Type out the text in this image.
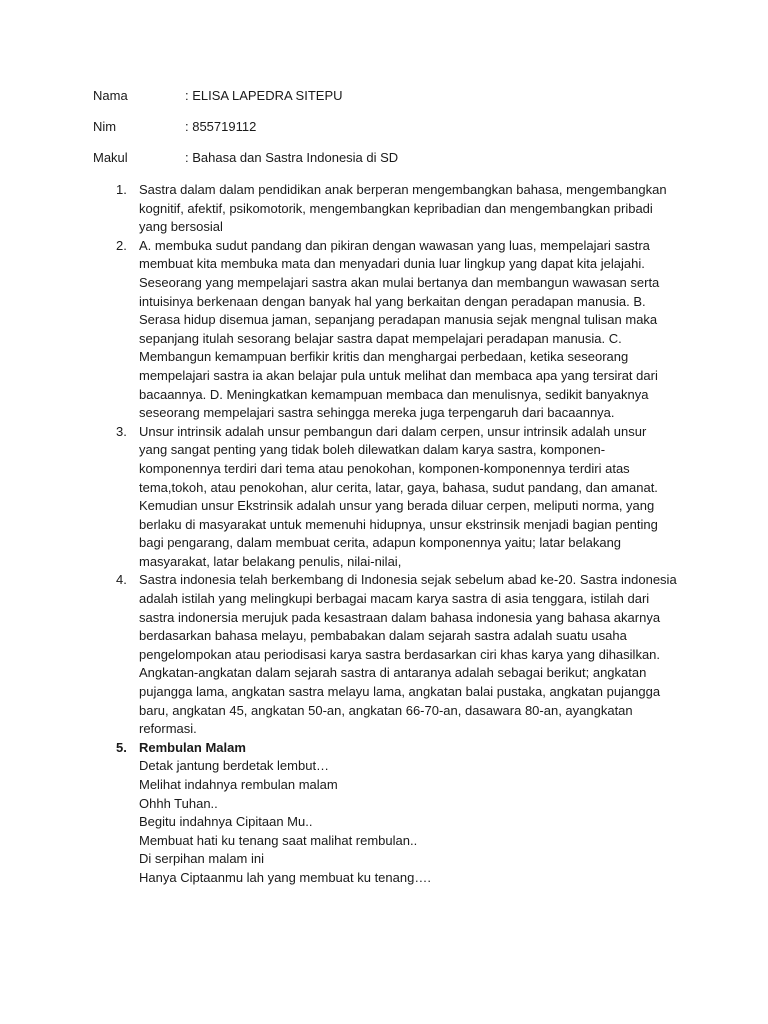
Nama	: ELISA LAPEDRA SITEPU
Nim	: 855719112
Makul	: Bahasa dan Sastra Indonesia di SD
1. Sastra dalam dalam pendidikan anak berperan mengembangkan bahasa, mengembangkan
kognitif, afektif, psikomotorik, mengembangkan kepribadian dan mengembangkan pribadi
yang bersosial
2. A. membuka sudut pandang dan pikiran dengan wawasan yang luas, mempelajari sastra
membuat kita membuka mata dan menyadari dunia luar lingkup yang dapat kita jelajahi.
Seseorang yang mempelajari sastra akan mulai bertanya dan membangun wawasan serta
intuisinya berkenaan dengan banyak hal yang berkaitan dengan peradapan manusia. B.
Serasa hidup disemua jaman, sepanjang peradapan manusia sejak mengnal tulisan maka
sepanjang itulah sesorang belajar sastra dapat mempelajari peradapan manusia. C.
Membangun kemampuan berfikir kritis dan menghargai perbedaan, ketika seseorang
mempelajari sastra ia akan belajar pula untuk melihat dan membaca apa yang tersirat dari
bacaannya. D. Meningkatkan kemampuan membaca dan menulisnya, sedikit banyaknya
seseorang mempelajari sastra sehingga mereka juga terpengaruh dari bacaannya.
3. Unsur intrinsik adalah unsur pembangun dari dalam cerpen, unsur intrinsik adalah unsur
yang sangat penting yang tidak boleh dilewatkan dalam karya sastra, komponen-
komponennya terdiri dari tema atau penokohan, komponen-komponennya terdiri atas
tema,tokoh, atau penokohan, alur cerita, latar, gaya, bahasa, sudut pandang, dan amanat.
Kemudian unsur Ekstrinsik adalah unsur yang berada diluar cerpen, meliputi norma, yang
berlaku di masyarakat untuk memenuhi hidupnya, unsur ekstrinsik menjadi bagian penting
bagi pengarang, dalam membuat cerita, adapun komponennya yaitu; latar belakang
masyarakat, latar belakang penulis, nilai-nilai,
4. Sastra indonesia telah berkembang di Indonesia sejak sebelum abad ke-20. Sastra indonesia
adalah istilah yang melingkupi berbagai macam karya sastra di asia tenggara, istilah dari
sastra indonersia merujuk pada kesastraan dalam bahasa indonesia yang bahasa akarnya
berdasarkan bahasa melayu, pembabakan dalam sejarah sastra adalah suatu usaha
pengelompokan atau periodisasi karya sastra berdasarkan ciri khas karya yang dihasilkan.
Angkatan-angkatan dalam sejarah sastra di antaranya adalah sebagai berikut; angkatan
pujangga lama, angkatan sastra melayu lama, angkatan balai pustaka, angkatan pujangga
baru, angkatan 45, angkatan 50-an, angkatan 66-70-an, dasawara 80-an, ayangkatan
reformasi.
5. Rembulan Malam
Detak jantung berdetak lembut…
Melihat indahnya rembulan malam
Ohhh Tuhan..
Begitu indahnya Cipitaan Mu..
Membuat hati ku tenang saat malihat rembulan..
Di serpihan malam ini
Hanya Ciptaanmu lah yang membuat ku tenang….
